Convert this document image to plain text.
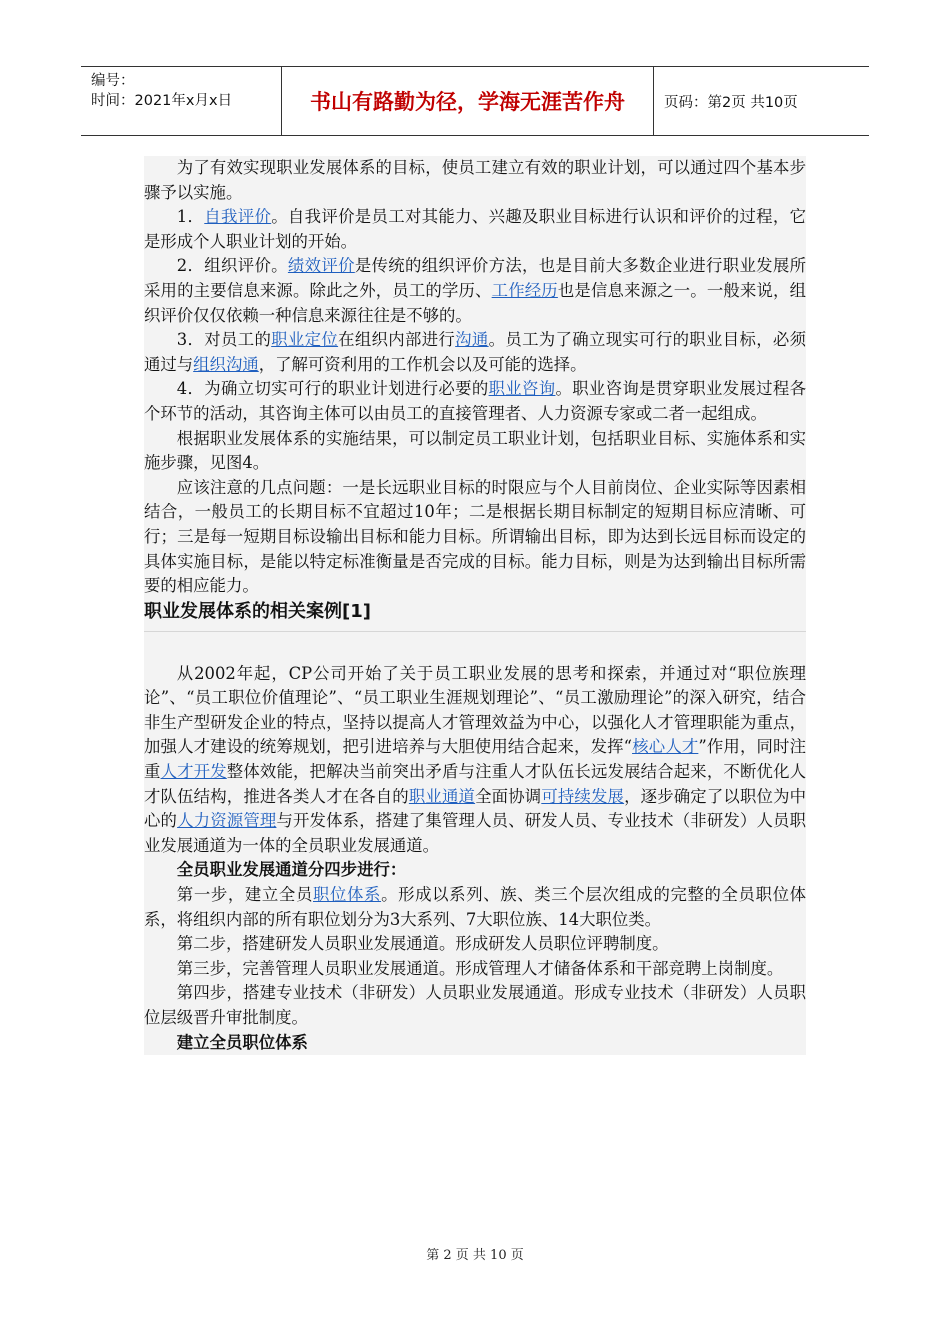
编号：
时间：2021年x月x日	书山有路勤为径，学海无涯苦作舟	页码：第2页 共10页

为了有效实现职业发展体系的目标，使员工建立有效的职业计划，可以通过四个基本步骤予以实施。

1．自我评价。自我评价是员工对其能力、兴趣及职业目标进行认识和评价的过程，它是形成个人职业计划的开始。

2．组织评价。绩效评价是传统的组织评价方法，也是目前大多数企业进行职业发展所采用的主要信息来源。除此之外，员工的学历、工作经历也是信息来源之一。一般来说，组织评价仅仅依赖一种信息来源往往是不够的。

3．对员工的职业定位在组织内部进行沟通。员工为了确立现实可行的职业目标，必须通过与组织沟通，了解可资利用的工作机会以及可能的选择。

4．为确立切实可行的职业计划进行必要的职业咨询。职业咨询是贯穿职业发展过程各个环节的活动，其咨询主体可以由员工的直接管理者、人力资源专家或二者一起组成。

根据职业发展体系的实施结果，可以制定员工职业计划，包括职业目标、实施体系和实施步骤，见图4。

应该注意的几点问题：一是长远职业目标的时限应与个人目前岗位、企业实际等因素相结合，一般员工的长期目标不宜超过10年；二是根据长期目标制定的短期目标应清晰、可行；三是每一短期目标设输出目标和能力目标。所谓输出目标，即为达到长远目标而设定的具体实施目标，是能以特定标准衡量是否完成的目标。能力目标，则是为达到输出目标所需要的相应能力。

职业发展体系的相关案例[1]

从2002年起，CP公司开始了关于员工职业发展的思考和探索，并通过对“职位族理论”、“员工职位价值理论”、“员工职业生涯规划理论”、“员工激励理论”的深入研究，结合非生产型研发企业的特点，坚持以提高人才管理效益为中心，以强化人才管理职能为重点，加强人才建设的统筹规划，把引进培养与大胆使用结合起来，发挥“核心人才”作用，同时注重人才开发整体效能，把解决当前突出矛盾与注重人才队伍长远发展结合起来，不断优化人才队伍结构，推进各类人才在各自的职业通道全面协调可持续发展，逐步确定了以职位为中心的人力资源管理与开发体系，搭建了集管理人员、研发人员、专业技术（非研发）人员职业发展通道为一体的全员职业发展通道。

全员职业发展通道分四步进行：

第一步，建立全员职位体系。形成以系列、族、类三个层次组成的完整的全员职位体系，将组织内部的所有职位划分为3大系列、7大职位族、14大职位类。

第二步，搭建研发人员职业发展通道。形成研发人员职位评聘制度。

第三步，完善管理人员职业发展通道。形成管理人才储备体系和干部竞聘上岗制度。

第四步，搭建专业技术（非研发）人员职业发展通道。形成专业技术（非研发）人员职位层级晋升审批制度。

建立全员职位体系

第 2 页 共 10 页
